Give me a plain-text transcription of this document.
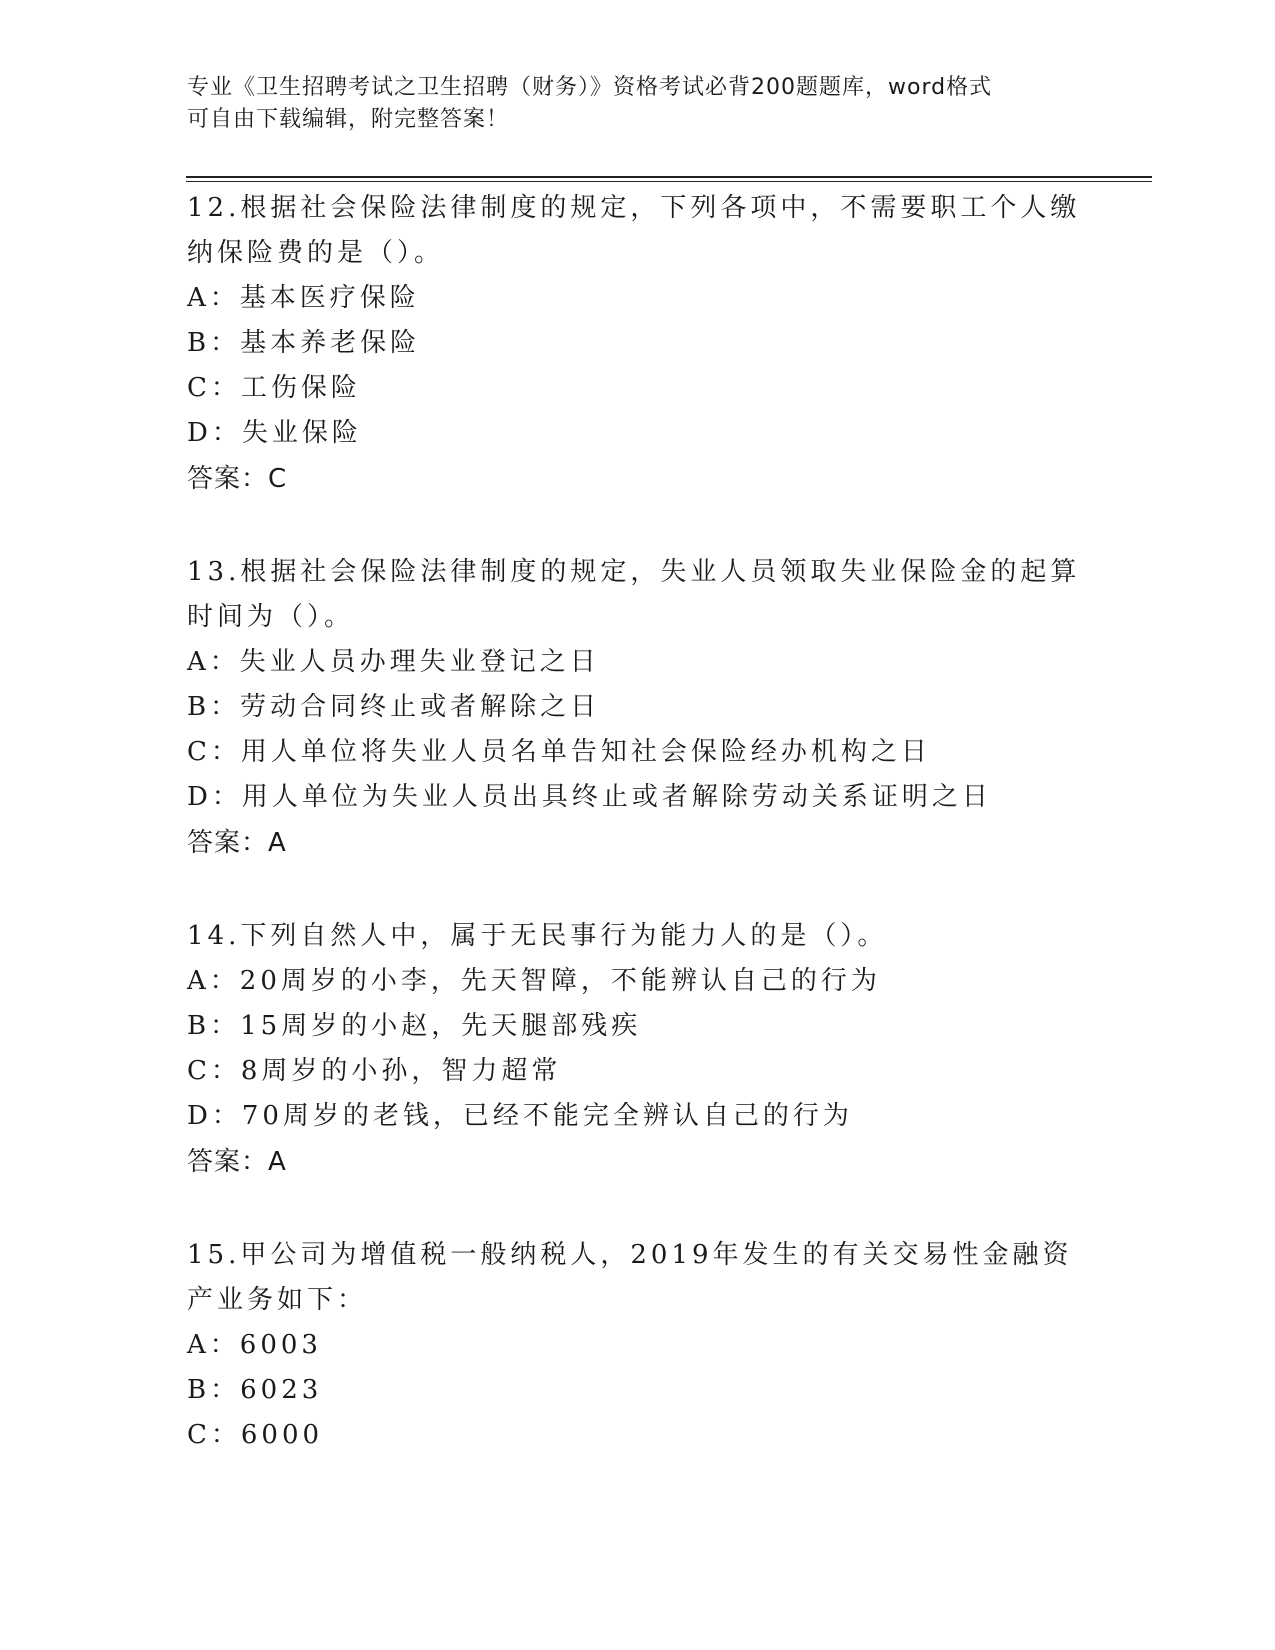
专业《卫生招聘考试之卫生招聘（财务）》资格考试必背200题题库，word格式

可自由下载编辑，附完整答案！

12.根据社会保险法律制度的规定，下列各项中，不需要职工个人缴纳保险费的是（）。

A：基本医疗保险

B：基本养老保险

C：工伤保险

D：失业保险

答案：C

13.根据社会保险法律制度的规定，失业人员领取失业保险金的起算时间为（）。

A：失业人员办理失业登记之日

B：劳动合同终止或者解除之日

C：用人单位将失业人员名单告知社会保险经办机构之日

D：用人单位为失业人员出具终止或者解除劳动关系证明之日

答案：A

14.下列自然人中，属于无民事行为能力人的是（）。

A：20周岁的小李，先天智障，不能辨认自己的行为

B：15周岁的小赵，先天腿部残疾

C：8周岁的小孙，智力超常

D：70周岁的老钱，已经不能完全辨认自己的行为

答案：A

15.甲公司为增值税一般纳税人，2019年发生的有关交易性金融资产业务如下：

A：6003

B：6023

C：6000
